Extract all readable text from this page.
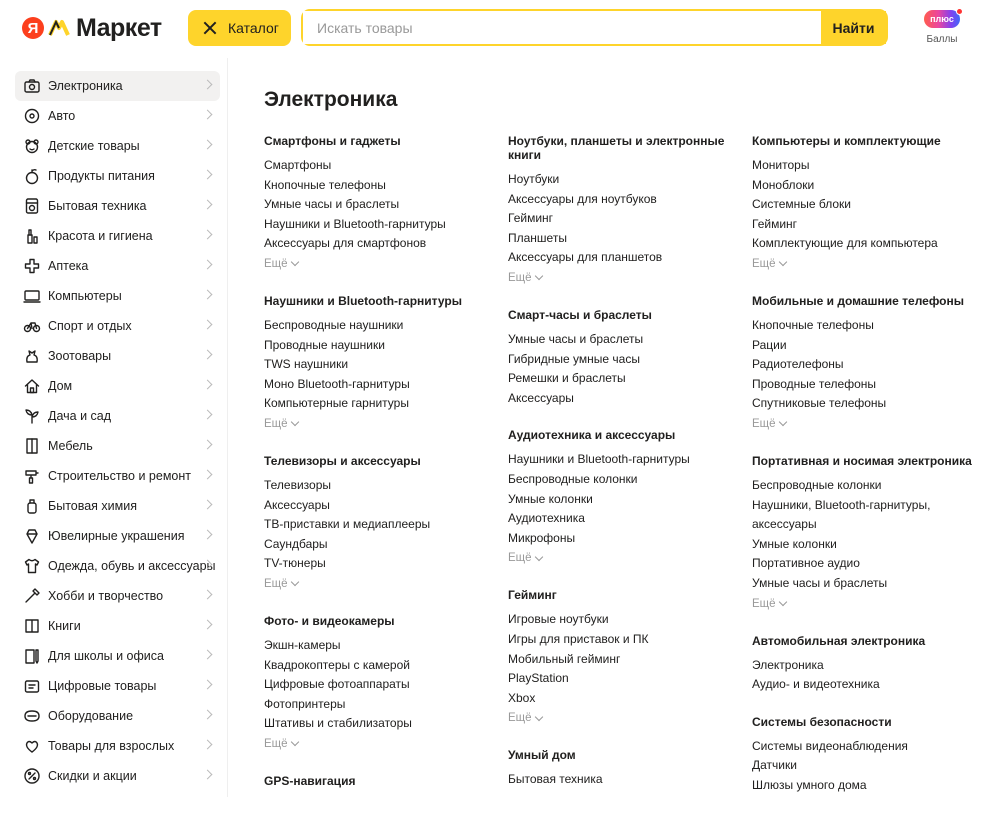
Я Маркет	Каталог
Искать товары	Найти
плюс
Баллы
Электроника
Авто
Детские товары
Продукты питания
Бытовая техника
Красота и гигиена
Аптека
Компьютеры
Спорт и отдых
Зоотовары
Дом
Дача и сад
Мебель
Строительство и ремонт
Бытовая химия
Ювелирные украшения
Одежда, обувь и аксессуары
Хобби и творчество
Книги
Для школы и офиса
Цифровые товары
Оборудование
Товары для взрослых
Скидки и акции
Электроника
Смартфоны и гаджеты
Смартфоны
Кнопочные телефоны
Умные часы и браслеты
Наушники и Bluetooth-гарнитуры
Аксессуары для смартфонов
Ещё
Наушники и Bluetooth-гарнитуры
Беспроводные наушники
Проводные наушники
TWS наушники
Моно Bluetooth-гарнитуры
Компьютерные гарнитуры
Ещё
Телевизоры и аксессуары
Телевизоры
Аксессуары
ТВ-приставки и медиаплееры
Саундбары
TV-тюнеры
Ещё
Фото- и видеокамеры
Экшн-камеры
Квадрокоптеры с камерой
Цифровые фотоаппараты
Фотопринтеры
Штативы и стабилизаторы
Ещё
GPS-навигация
Ноутбуки, планшеты и электронные книги
Ноутбуки
Аксессуары для ноутбуков
Гейминг
Планшеты
Аксессуары для планшетов
Ещё
Смарт-часы и браслеты
Умные часы и браслеты
Гибридные умные часы
Ремешки и браслеты
Аксессуары
Аудиотехника и аксессуары
Наушники и Bluetooth-гарнитуры
Беспроводные колонки
Умные колонки
Аудиотехника
Микрофоны
Ещё
Гейминг
Игровые ноутбуки
Игры для приставок и ПК
Мобильный гейминг
PlayStation
Xbox
Ещё
Умный дом
Бытовая техника
Компьютеры и комплектующие
Мониторы
Моноблоки
Системные блоки
Гейминг
Комплектующие для компьютера
Ещё
Мобильные и домашние телефоны
Кнопочные телефоны
Рации
Радиотелефоны
Проводные телефоны
Спутниковые телефоны
Ещё
Портативная и носимая электроника
Беспроводные колонки
Наушники, Bluetooth-гарнитуры, аксессуары
Умные колонки
Портативное аудио
Умные часы и браслеты
Ещё
Автомобильная электроника
Электроника
Аудио- и видеотехника
Системы безопасности
Системы видеонаблюдения
Датчики
Шлюзы умного дома
